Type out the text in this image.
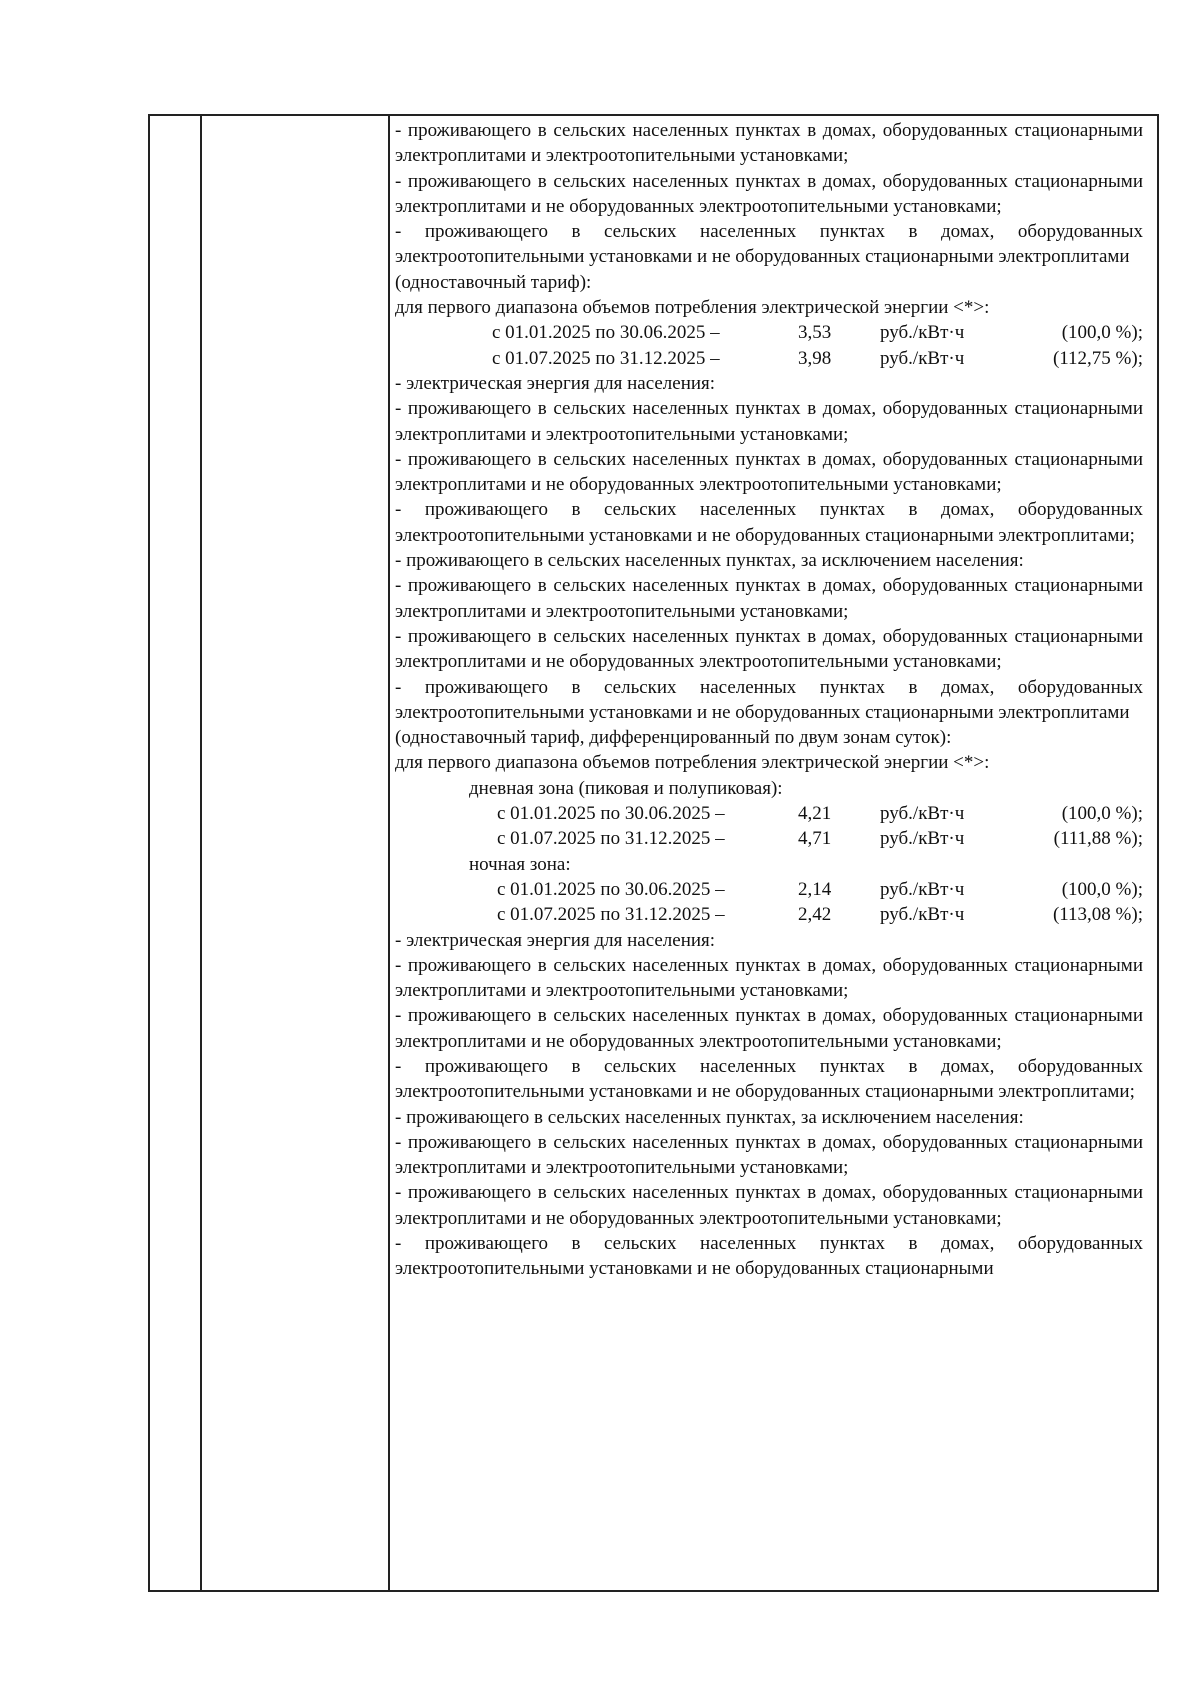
- проживающего в сельских населенных пунктах в домах, оборудованных стационарными электроплитами и электроотопительными установками;

- проживающего в сельских населенных пунктах в домах, оборудованных стационарными электроплитами и не оборудованных электроотопительными установками;

- проживающего в сельских населенных пунктах в домах, оборудованных электроотопительными установками и не оборудованных стационарными электроплитами

(одноставочный тариф):

для первого диапазона объемов потребления электрической энергии <*>:

с 01.01.2025 по 30.06.2025 –	3,53	руб./кВт·ч	(100,0 %);
с 01.07.2025 по 31.12.2025 –	3,98	руб./кВт·ч	(112,75 %);

- электрическая энергия для населения:

- проживающего в сельских населенных пунктах в домах, оборудованных стационарными электроплитами и электроотопительными установками;

- проживающего в сельских населенных пунктах в домах, оборудованных стационарными электроплитами и не оборудованных электроотопительными установками;

- проживающего в сельских населенных пунктах в домах, оборудованных электроотопительными установками и не оборудованных стационарными электроплитами;

- проживающего в сельских населенных пунктах, за исключением населения:

- проживающего в сельских населенных пунктах в домах, оборудованных стационарными электроплитами и электроотопительными установками;

- проживающего в сельских населенных пунктах в домах, оборудованных стационарными электроплитами и не оборудованных электроотопительными установками;

- проживающего в сельских населенных пунктах в домах, оборудованных электроотопительными установками и не оборудованных стационарными электроплитами

(одноставочный тариф, дифференцированный по двум зонам суток):

для первого диапазона объемов потребления электрической энергии <*>:

дневная зона (пиковая и полупиковая):

с 01.01.2025 по 30.06.2025 –	4,21	руб./кВт·ч	(100,0 %);
с 01.07.2025 по 31.12.2025 –	4,71	руб./кВт·ч	(111,88 %);

ночная зона:

с 01.01.2025 по 30.06.2025 –	2,14	руб./кВт·ч	(100,0 %);
с 01.07.2025 по 31.12.2025 –	2,42	руб./кВт·ч	(113,08 %);

- электрическая энергия для населения:

- проживающего в сельских населенных пунктах в домах, оборудованных стационарными электроплитами и электроотопительными установками;

- проживающего в сельских населенных пунктах в домах, оборудованных стационарными электроплитами и не оборудованных электроотопительными установками;

- проживающего в сельских населенных пунктах в домах, оборудованных электроотопительными установками и не оборудованных стационарными электроплитами;

- проживающего в сельских населенных пунктах, за исключением населения:

- проживающего в сельских населенных пунктах в домах, оборудованных стационарными электроплитами и электроотопительными установками;

- проживающего в сельских населенных пунктах в домах, оборудованных стационарными электроплитами и не оборудованных электроотопительными установками;

- проживающего в сельских населенных пунктах в домах, оборудованных электроотопительными установками и не оборудованных стационарными
